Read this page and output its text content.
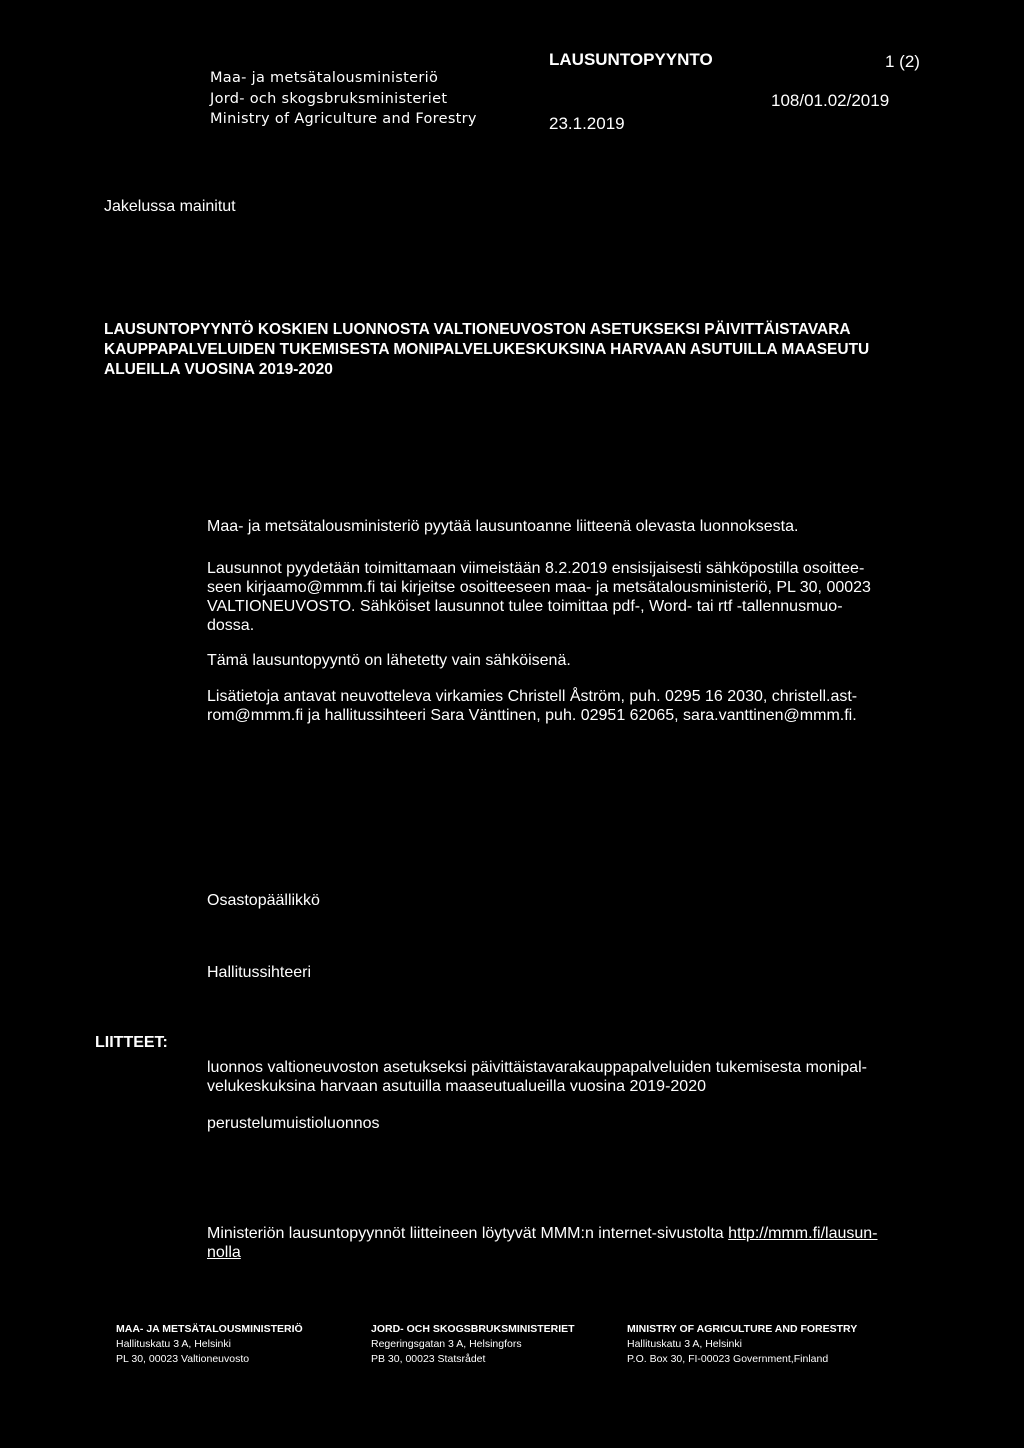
Maa- ja metsätalousministeriö
Jord- och skogsbruksministeriet
Ministry of Agriculture and Forestry
LAUSUNTOPYYNTO	1 (2)
23.1.2019
108/01.02/2019
Jakelussa mainitut
LAUSUNTOPYYNTÖ KOSKIEN LUONNOSTA VALTIONEUVOSTON ASETUKSEKSI PÄIVITTÄISTAVARA
KAUPPAPALVELUIDEN TUKEMISESTA MONIPALVELUKESKUKSINA HARVAAN ASUTUILLA MAASEUTU
ALUEILLA VUOSINA 2019-2020
Maa- ja metsätalousministeriö pyytää lausuntoanne liitteenä olevasta luonnoksesta.
Lausunnot pyydetään toimittamaan viimeistään 8.2.2019 ensisijaisesti sähköpostilla osoittee-
seen kirjaamo@mmm.fi tai kirjeitse osoitteeseen maa- ja metsätalousministeriö, PL 30, 00023
VALTIONEUVOSTO. Sähköiset lausunnot tulee toimittaa pdf-, Word- tai rtf -tallennusmuo-
dossa.
Tämä lausuntopyyntö on lähetetty vain sähköisenä.
Lisätietoja antavat neuvotteleva virkamies Christell Åström, puh. 0295 16 2030, christell.ast-
rom@mmm.fi ja hallitussihteeri Sara Vänttinen, puh. 02951 62065, sara.vanttinen@mmm.fi.
Osastopäällikkö
Hallitussihteeri
LIITTEET:
luonnos valtioneuvoston asetukseksi päivittäistavarakauppapalveluiden tukemisesta monipal-
velukeskuksina harvaan asutuilla maaseutualueilla vuosina 2019-2020
perustelumuistioluonnos
Ministeriön lausuntopyynnöt liitteineen löytyvät MMM:n internet-sivustolta http://mmm.fi/lausun-
nolla
MAA- JA METSÄTALOUSMINISTERIÖ
Hallituskatu 3 A, Helsinki
PL 30, 00023 Valtioneuvosto
JORD- OCH SKOGSBRUKSMINISTERIET
Regeringsgatan 3 A, Helsingfors
PB 30, 00023 Statsrådet
MINISTRY OF AGRICULTURE AND FORESTRY
Hallituskatu 3 A, Helsinki
P.O. Box 30, FI-00023 Government,Finland
